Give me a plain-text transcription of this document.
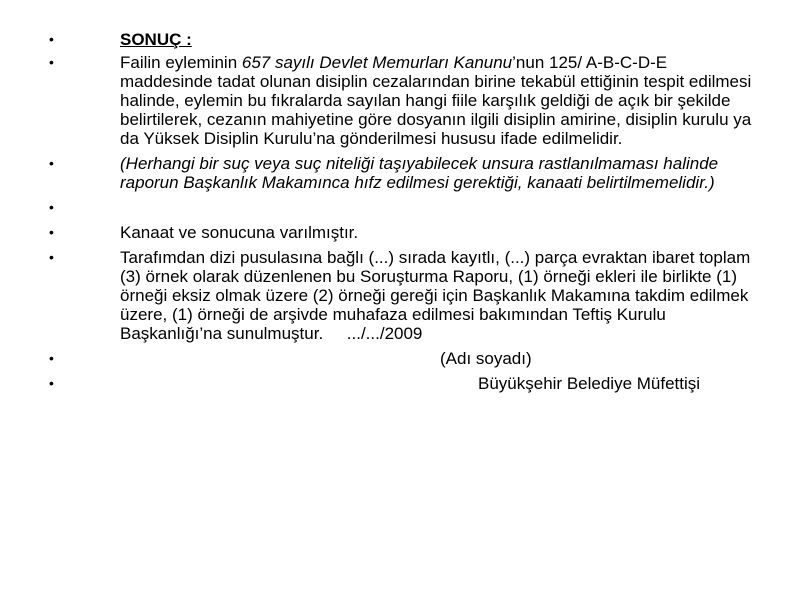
•	SONUÇ :
•	Failin eyleminin 657 sayılı Devlet Memurları Kanunu’nun 125/ A-B-C-D-E maddesinde tadat olunan disiplin cezalarından birine tekabül ettiğinin tespit edilmesi halinde, eylemin bu fıkralarda sayılan hangi fiile karşılık geldiği de açık bir şekilde belirtilerek, cezanın mahiyetine göre dosyanın ilgili disiplin amirine, disiplin kurulu ya da Yüksek Disiplin Kurulu’na gönderilmesi hususu ifade edilmelidir.
•	(Herhangi bir suç veya suç niteliği taşıyabilecek unsura rastlanılmaması halinde raporun Başkanlık Makamınca hıfz edilmesi gerektiği, kanaati belirtilmemelidir.)
•
•	Kanaat ve sonucuna varılmıştır.
•	Tarafımdan dizi pusulasına bağlı (...) sırada kayıtlı, (...) parça evraktan ibaret toplam (3) örnek olarak düzenlenen bu Soruşturma Raporu, (1) örneği ekleri ile birlikte (1) örneği eksiz olmak üzere (2) örneği gereği için Başkanlık Makamına takdim edilmek üzere, (1) örneği de arşivde muhafaza edilmesi bakımından Teftiş Kurulu Başkanlığı’na sunulmuştur.     .../.../2009
•	(Adı soyadı)
•	Büyükşehir Belediye Müfettişi
